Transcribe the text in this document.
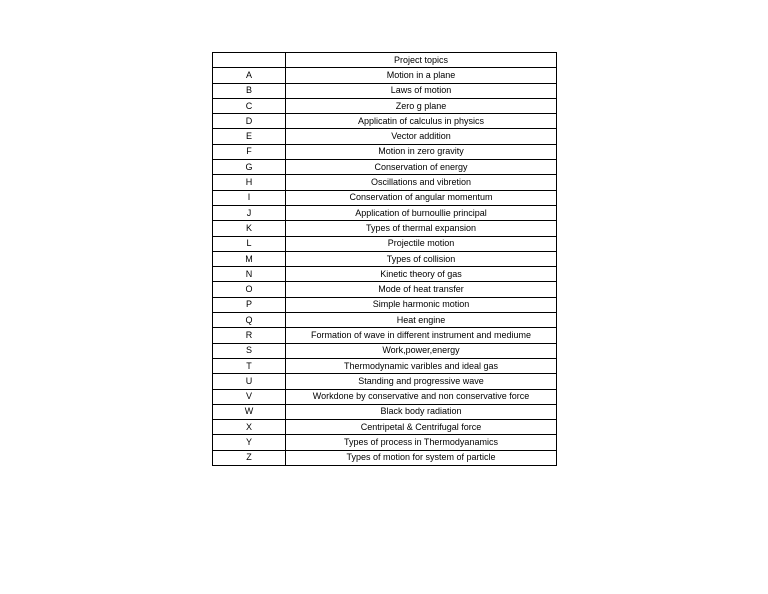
	Project topics
A	Motion in a plane
B	Laws of motion
C	Zero g plane
D	Applicatin of calculus in physics
E	Vector addition
F	Motion in zero gravity
G	Conservation of energy
H	Oscillations and vibretion
I	Conservation of angular momentum
J	Application of burnoullie principal
K	Types of thermal expansion
L	Projectile motion
M	Types of collision
N	Kinetic theory of gas
O	Mode of heat transfer
P	Simple harmonic motion
Q	Heat engine
R	Formation of wave in different instrument and mediume
S	Work,power,energy
T	Thermodynamic varibles and ideal gas
U	Standing and progressive wave
V	Workdone by conservative and non conservative force
W	Black body radiation
X	Centripetal & Centrifugal force
Y	Types of process in Thermodyanamics
Z	Types of motion for system of particle
